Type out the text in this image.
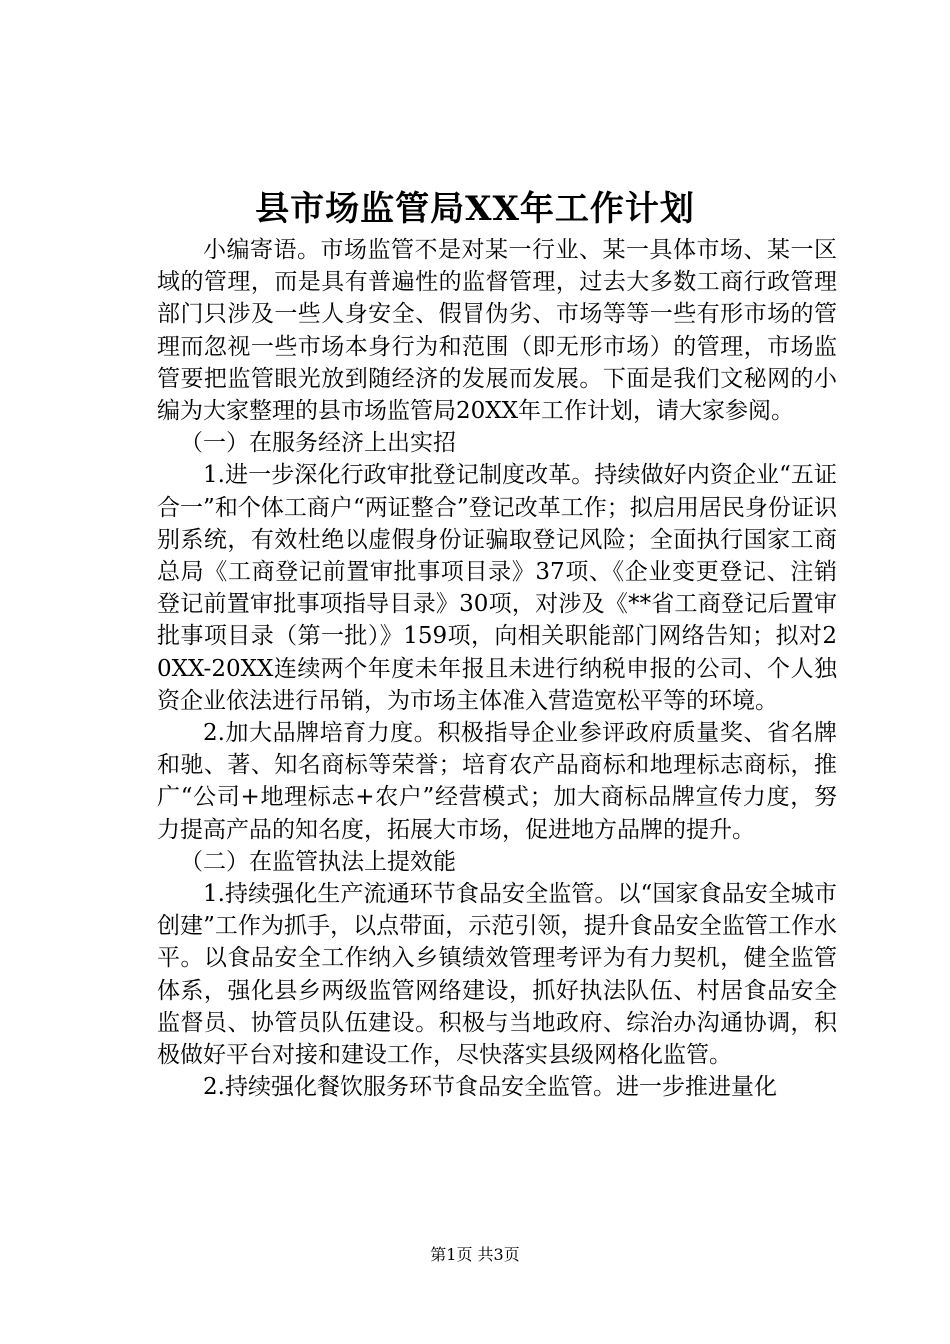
县市场监管局XX年工作计划

小编寄语。市场监管不是对某一行业、某一具体市场、某一区域的管理，而是具有普遍性的监督管理，过去大多数工商行政管理部门只涉及一些人身安全、假冒伪劣、市场等等一些有形市场的管理而忽视一些市场本身行为和范围（即无形市场）的管理，市场监管要把监管眼光放到随经济的发展而发展。下面是我们文秘网的小编为大家整理的县市场监管局20XX年工作计划，请大家参阅。

（一）在服务经济上出实招

1.进一步深化行政审批登记制度改革。持续做好内资企业“五证合一”和个体工商户“两证整合”登记改革工作；拟启用居民身份证识别系统，有效杜绝以虚假身份证骗取登记风险；全面执行国家工商总局《工商登记前置审批事项目录》37项、《企业变更登记、注销登记前置审批事项指导目录》30项，对涉及《**省工商登记后置审批事项目录（第一批）》159项，向相关职能部门网络告知；拟对20XX-20XX连续两个年度未年报且未进行纳税申报的公司、个人独资企业依法进行吊销，为市场主体准入营造宽松平等的环境。

2.加大品牌培育力度。积极指导企业参评政府质量奖、省名牌和驰、著、知名商标等荣誉；培育农产品商标和地理标志商标，推广“公司+地理标志+农户”经营模式；加大商标品牌宣传力度，努力提高产品的知名度，拓展大市场，促进地方品牌的提升。

（二）在监管执法上提效能

1.持续强化生产流通环节食品安全监管。以“国家食品安全城市创建”工作为抓手，以点带面，示范引领，提升食品安全监管工作水平。以食品安全工作纳入乡镇绩效管理考评为有力契机，健全监管体系，强化县乡两级监管网络建设，抓好执法队伍、村居食品安全监督员、协管员队伍建设。积极与当地政府、综治办沟通协调，积极做好平台对接和建设工作，尽快落实县级网格化监管。

2.持续强化餐饮服务环节食品安全监管。进一步推进量化

第1页 共3页
